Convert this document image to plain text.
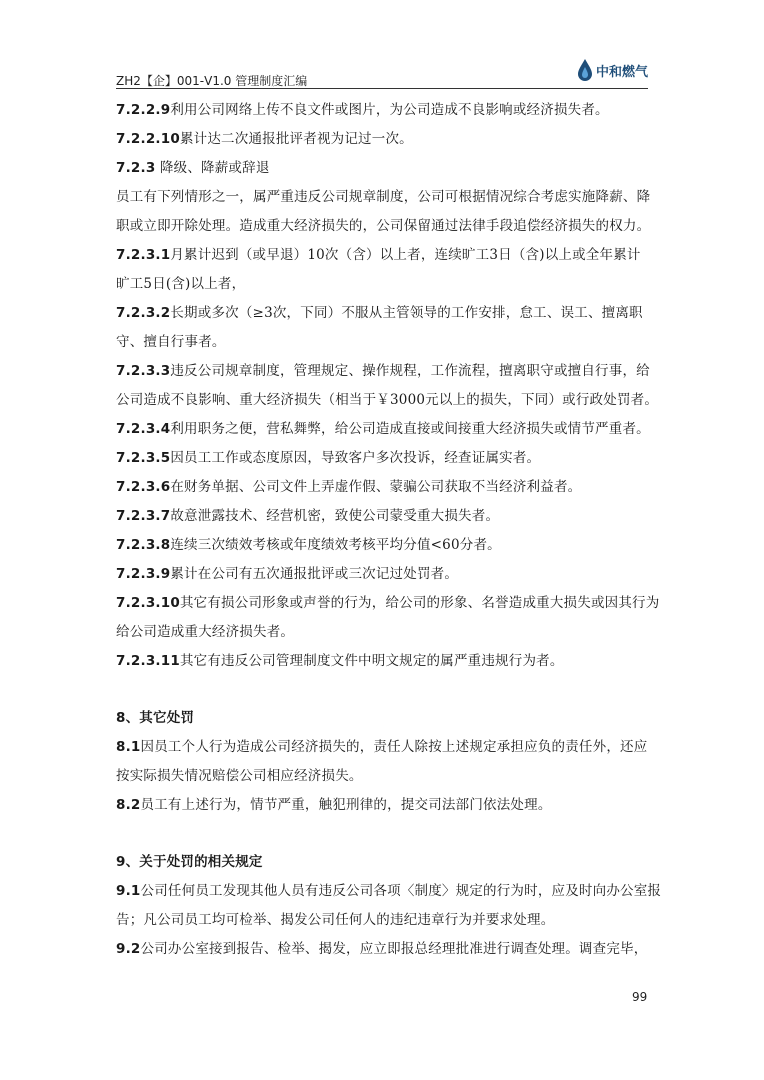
ZH2【企】001-V1.0 管理制度汇编
中和燃气
7.2.2.9利用公司网络上传不良文件或图片，为公司造成不良影响或经济损失者。
7.2.2.10累计达二次通报批评者视为记过一次。
7.2.3 降级、降薪或辞退
员工有下列情形之一，属严重违反公司规章制度，公司可根据情况综合考虑实施降薪、降
职或立即开除处理。造成重大经济损失的，公司保留通过法律手段追偿经济损失的权力。
7.2.3.1月累计迟到（或早退）10次（含）以上者，连续旷工3日（含)以上或全年累计
旷工5日(含)以上者，
7.2.3.2长期或多次（≥3次，下同）不服从主管领导的工作安排，怠工、误工、擅离职
守、擅自行事者。
7.2.3.3违反公司规章制度，管理规定、操作规程，工作流程，擅离职守或擅自行事，给
公司造成不良影响、重大经济损失（相当于￥3000元以上的损失，下同）或行政处罚者。
7.2.3.4利用职务之便，营私舞弊，给公司造成直接或间接重大经济损失或情节严重者。
7.2.3.5因员工工作或态度原因，导致客户多次投诉，经查证属实者。
7.2.3.6在财务单据、公司文件上弄虚作假、蒙骗公司获取不当经济利益者。
7.2.3.7故意泄露技术、经营机密，致使公司蒙受重大损失者。
7.2.3.8连续三次绩效考核或年度绩效考核平均分值<60分者。
7.2.3.9累计在公司有五次通报批评或三次记过处罚者。
7.2.3.10其它有损公司形象或声誉的行为，给公司的形象、名誉造成重大损失或因其行为
给公司造成重大经济损失者。
7.2.3.11其它有违反公司管理制度文件中明文规定的属严重违规行为者。
8、其它处罚
8.1因员工个人行为造成公司经济损失的，责任人除按上述规定承担应负的责任外，还应
按实际损失情况赔偿公司相应经济损失。
8.2员工有上述行为，情节严重，触犯刑律的，提交司法部门依法处理。
9、关于处罚的相关规定
9.1公司任何员工发现其他人员有违反公司各项〈制度〉规定的行为时，应及时向办公室报
告；凡公司员工均可检举、揭发公司任何人的违纪违章行为并要求处理。
9.2公司办公室接到报告、检举、揭发，应立即报总经理批准进行调查处理。调查完毕，
99
